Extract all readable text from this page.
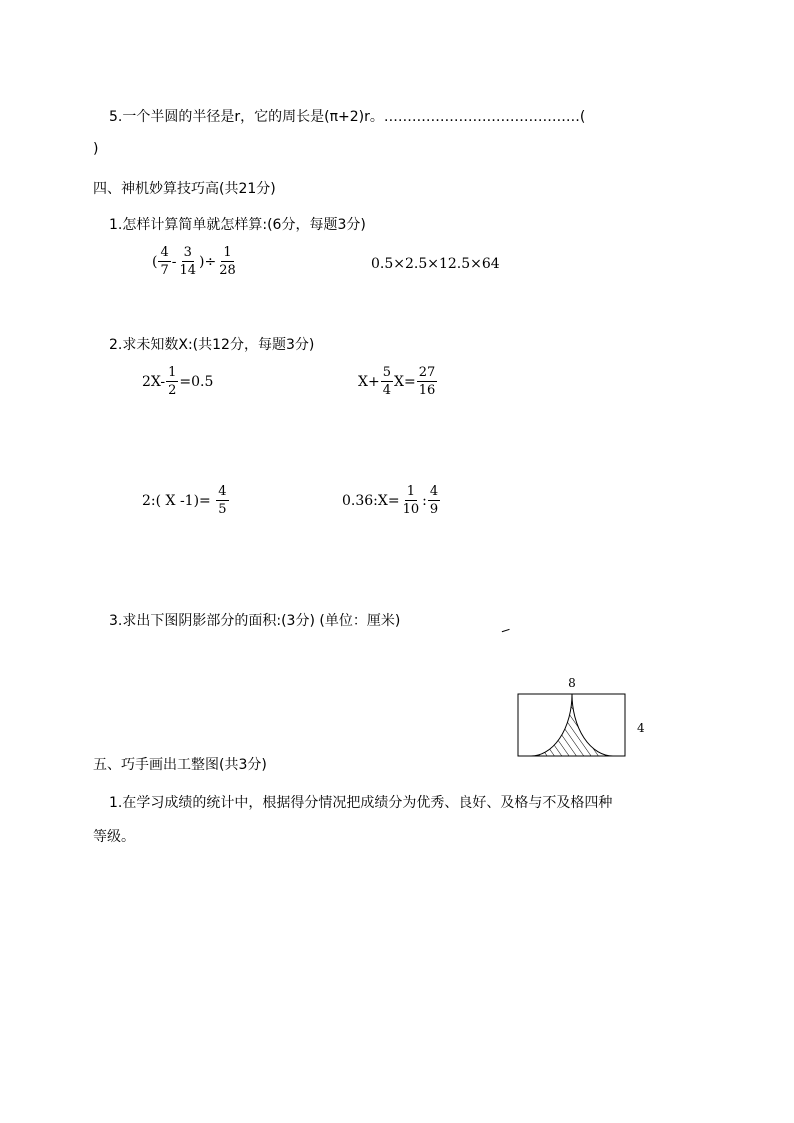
5.一个半圆的半径是r，它的周长是(π+2)r。……………………………………(
)
四、神机妙算技巧高(共21分)
1.怎样计算简单就怎样算:(6分，每题3分)
( $\frac{4}{7} - \frac{3}{14}$ )÷ $\frac{1}{28}$	0.5×2.5×12.5×64
2.求未知数X:(共12分，每题3分)
$2X- \frac{1}{2} =0.5$	$X+ \frac{5}{4} X= \frac{27}{16}$
2:( X $-1)= \frac{4}{5}$	0.36:X= $\frac{1}{10}$ : $\frac{4}{9}$
3.求出下图阴影部分的面积:(3分) (单位：厘米)
8
4
五、巧手画出工整图(共3分)
1.在学习成绩的统计中，根据得分情况把成绩分为优秀、良好、及格与不及格四种
等级。
